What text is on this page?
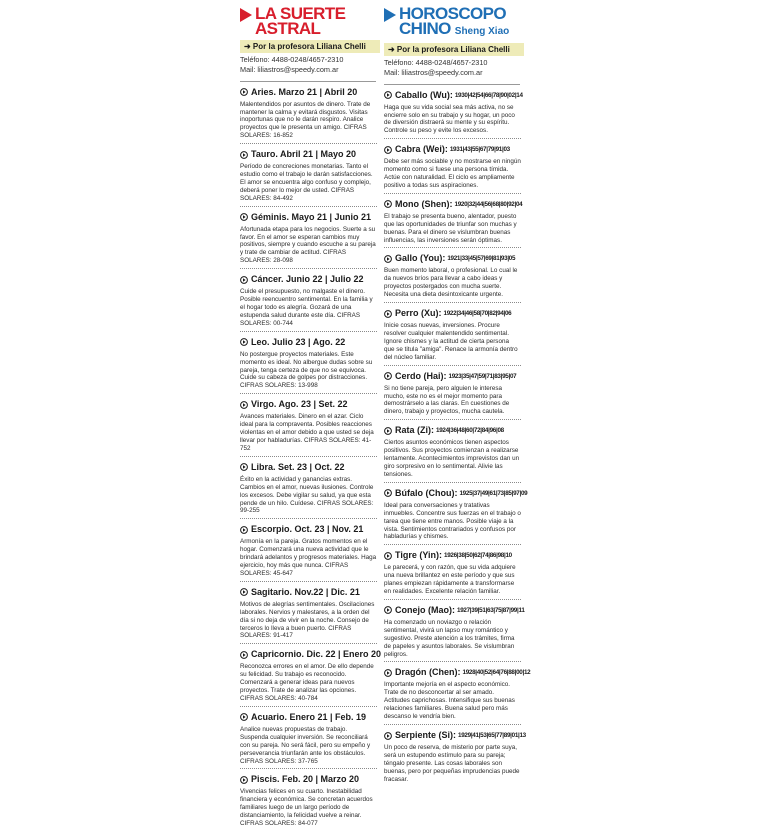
LA SUERTE
ASTRAL
➜ Por la profesora Liliana Chelli
Teléfono: 4488-0248/4657-2310
Mail: liliastros@speedy.com.ar
Aries. Marzo 21 | Abril 20
Malentendidos por asuntos de dinero. Trate de mantener la calma y evitará disgustos. Visitas inoportunas que no le darán respiro. Analice proyectos que le presenta un amigo. CIFRAS SOLARES: 16-852
Tauro. Abril 21 | Mayo 20
Período de concreciones monetarias. Tanto el estudio como el trabajo le darán satisfacciones. El amor se encuentra algo confuso y complejo, deberá poner lo mejor de usted. CIFRAS SOLARES: 84-492
Géminis. Mayo 21 | Junio 21
Afortunada etapa para los negocios. Suerte a su favor. En el amor se esperan cambios muy positivos, siempre y cuando escuche a su pareja y trate de cambiar de actitud. CIFRAS SOLARES: 28-098
Cáncer. Junio 22 | Julio 22
Cuide el presupuesto, no malgaste el dinero. Posible reencuentro sentimental. En la familia y el hogar todo es alegría. Gozará de una estupenda salud durante este día. CIFRAS SOLARES: 00-744
Leo. Julio 23 | Ago. 22
No postergue proyectos materiales. Este momento es ideal. No albergue dudas sobre su pareja, tenga certeza de que no se equivoca. Cuide su cabeza de golpes por distracciones. CIFRAS SOLARES: 13-998
Virgo. Ago. 23 | Set. 22
Avances materiales. Dinero en el azar. Ciclo ideal para la compraventa. Posibles reacciones violentas en el amor debido a que usted se deja llevar por habladurías. CIFRAS SOLARES: 41-752
Libra. Set. 23 | Oct. 22
Éxito en la actividad y ganancias extras. Cambios en el amor, nuevas ilusiones. Controle los excesos. Debe vigilar su salud, ya que esta pende de un hilo. Cuídese. CIFRAS SOLARES: 99-255
Escorpio. Oct. 23 | Nov. 21
Armonía en la pareja. Gratos momentos en el hogar. Comenzará una nueva actividad que le brindará adelantos y progresos materiales. Haga ejercicio, hoy más que nunca. CIFRAS SOLARES: 45-647
Sagitario. Nov.22 | Dic. 21
Motivos de alegrías sentimentales. Oscilaciones laborales. Nervios y malestares, a la orden del día si no deja de vivir en la noche. Consejo de terceros lo lleva a buen puerto. CIFRAS SOLARES: 91-417
Capricornio. Dic. 22 | Enero 20
Reconozca errores en el amor. De ello depende su felicidad. Su trabajo es reconocido. Comenzará a generar ideas para nuevos proyectos. Trate de analizar las opciones. CIFRAS SOLARES: 40-784
Acuario. Enero 21 | Feb. 19
Analice nuevas propuestas de trabajo. Suspenda cualquier inversión. Se reconciliará con su pareja. No será fácil, pero su empeño y perseverancia triunfarán ante los obstáculos. CIFRAS SOLARES: 37-765
Piscis. Feb. 20 | Marzo 20
Vivencias felices en su cuarto. Inestabilidad financiera y económica. Se concretan acuerdos familiares luego de un largo período de distanciamiento, la felicidad vuelve a reinar. CIFRAS SOLARES: 84-077
HOROSCOPO
CHINO Sheng Xiao
➜ Por la profesora Liliana Chelli
Teléfono: 4488-0248/4657-2310
Mail: liliastros@speedy.com.ar
Caballo (Wu): 1930|42|54|66|78|90|02|14
Haga que su vida social sea más activa, no se encierre solo en su trabajo y su hogar, un poco de diversión distraerá su mente y su espíritu. Controle su peso y evite los excesos.
Cabra (Wei): 1931|43|55|67|79|91|03
Debe ser más sociable y no mostrarse en ningún momento como si fuese una persona tímida. Actúe con naturalidad. El ciclo es ampliamente positivo a todas sus aspiraciones.
Mono (Shen): 1920|32|44|56|68|80|92|04
El trabajo se presenta bueno, alentador, puesto que las oportunidades de triunfar son muchas y buenas. Para el dinero se vislumbran buenas influencias, las inversiones serán óptimas.
Gallo (You): 1921|33|45|57|69|81|93|05
Buen momento laboral, o profesional. Lo cual le da nuevos bríos para llevar a cabo ideas y proyectos postergados con mucha suerte. Necesita una dieta desintoxicante urgente.
Perro (Xu): 1922|34|46|58|70|82|94|06
Inicie cosas nuevas, inversiones. Procure resolver cualquier malentendido sentimental. Ignore chismes y la actitud de cierta persona que se titula "amiga". Renace la armonía dentro del núcleo familiar.
Cerdo (Hai): 1923|35|47|59|71|83|95|07
Si no tiene pareja, pero alguien le interesa mucho, este no es el mejor momento para demostrárselo a las claras. En cuestiones de dinero, trabajo y proyectos, mucha cautela.
Rata (Zi): 1924|36|48|60|72|84|96|08
Ciertos asuntos económicos tienen aspectos positivos. Sus proyectos comienzan a realizarse lentamente. Acontecimientos imprevistos dan un giro sorpresivo en lo sentimental. Alivie las tensiones.
Búfalo (Chou): 1925|37|49|61|73|85|97|09
Ideal para conversaciones y tratativas inmuebles. Concentre sus fuerzas en el trabajo o tarea que tiene entre manos. Posible viaje a la vista. Sentimientos contrariados y confusos por habladurías y chismes.
Tigre (Yin): 1926|38|50|62|74|86|98|10
Le parecerá, y con razón, que su vida adquiere una nueva brillantez en este período y que sus planes empiezan rápidamente a transformarse en realidades. Excelente relación familiar.
Conejo (Mao): 1927|39|51|63|75|87|99|11
Ha comenzado un noviazgo o relación sentimental, vivirá un lapso muy romántico y sugestivo. Preste atención a los trámites, firma de papeles y asuntos laborales. Se vislumbran peligros.
Dragón (Chen): 1928|40|52|64|76|88|00|12
Importante mejoría en el aspecto económico. Trate de no desconcertar al ser amado. Actitudes caprichosas. Intensifique sus buenas relaciones familiares. Buena salud pero más descanso le vendría bien.
Serpiente (Si): 1929|41|53|65|77|89|01|13
Un poco de reserva, de misterio por parte suya, será un estupendo estímulo para su pareja; téngalo presente. Las cosas laborales son buenas, pero por pequeñas imprudencias puede fracasar.
